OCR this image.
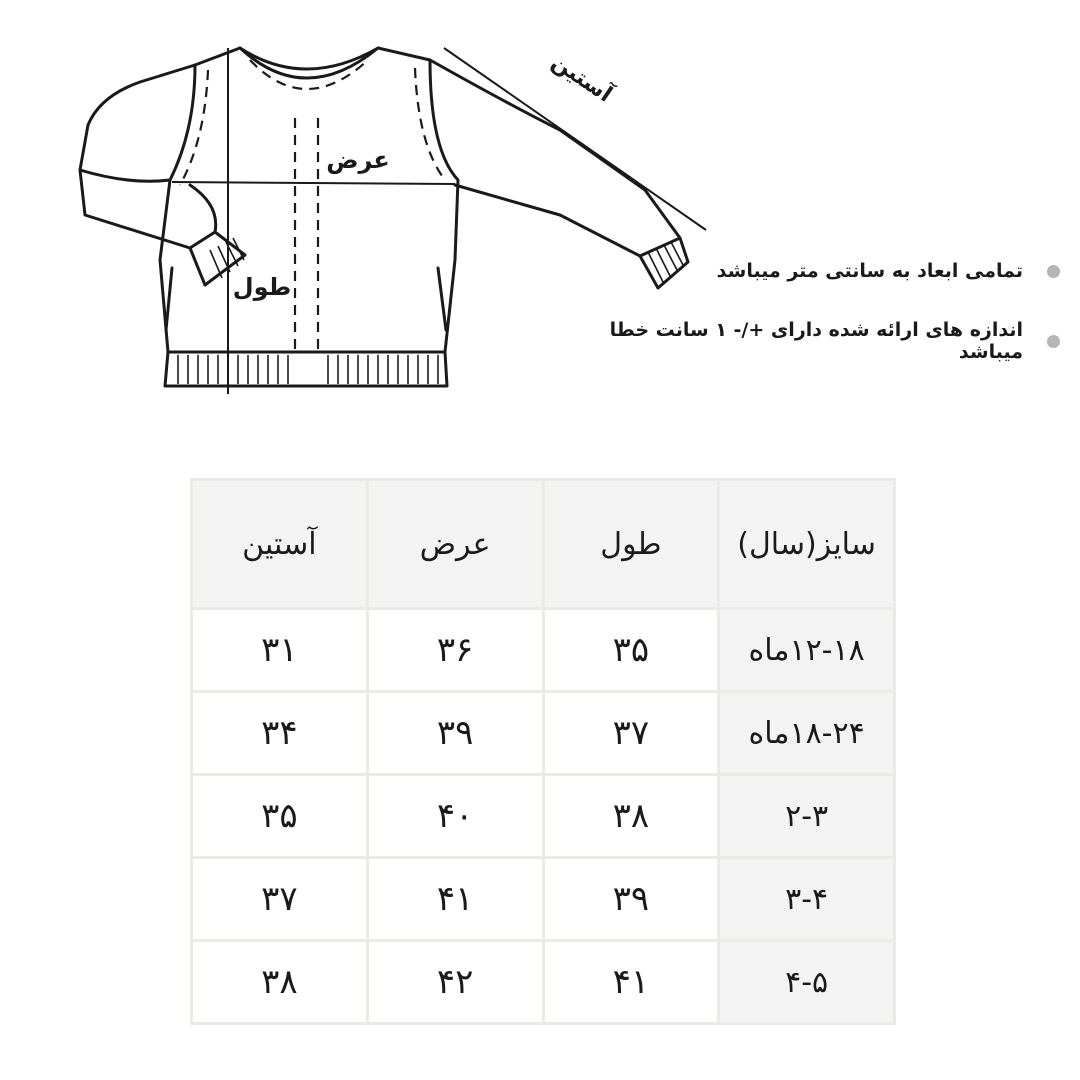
آستین
عرض
طول
تمامی ابعاد به سانتی متر میباشد
اندازه های ارائه شده دارای +/- ۱ سانت خطا میباشد
سایز(سال)	طول	عرض	آستین
۱۲-۱۸ماه	۳۵	۳۶	۳۱
۱۸-۲۴ماه	۳۷	۳۹	۳۴
۲-۳	۳۸	۴۰	۳۵
۳-۴	۳۹	۴۱	۳۷
۴-۵	۴۱	۴۲	۳۸
